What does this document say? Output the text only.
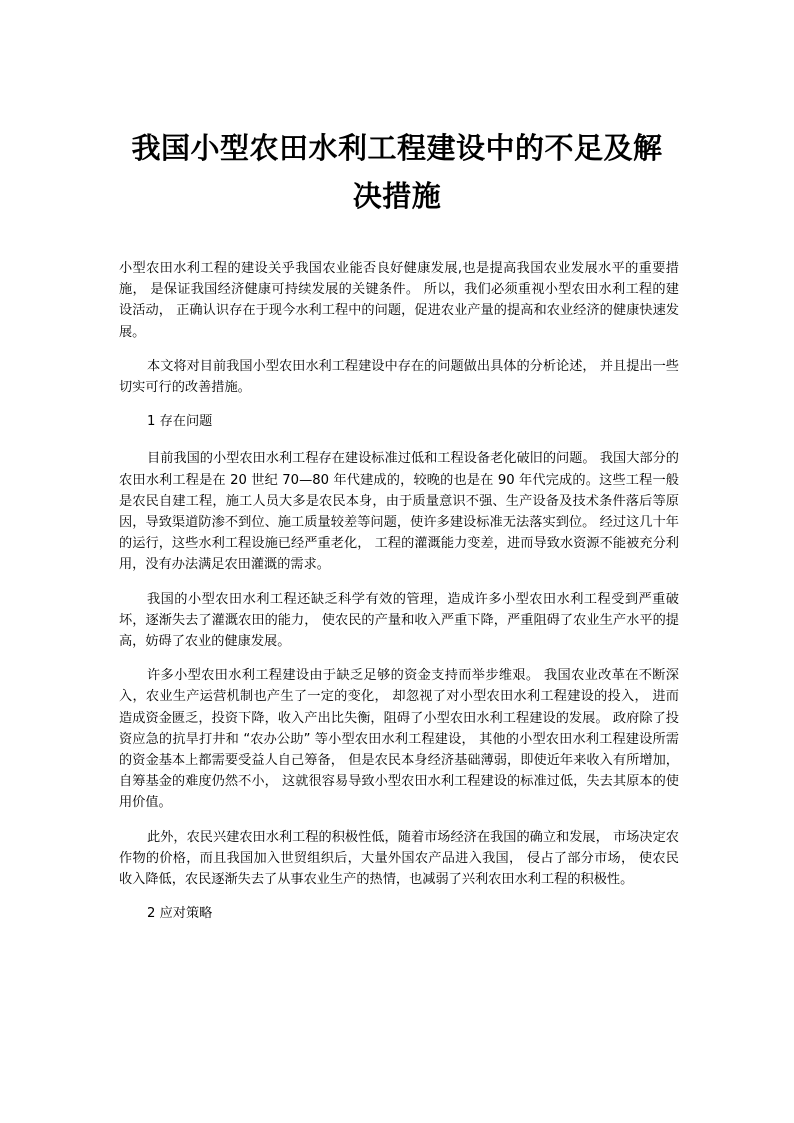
我国小型农田水利工程建设中的不足及解
决措施

小型农田水利工程的建设关乎我国农业能否良好健康发展,也是提高我国农业发展水平的重要措施， 是保证我国经济健康可持续发展的关键条件。 所以，我们必须重视小型农田水利工程的建设活动， 正确认识存在于现今水利工程中的问题，促进农业产量的提高和农业经济的健康快速发展。

本文将对目前我国小型农田水利工程建设中存在的问题做出具体的分析论述， 并且提出一些切实可行的改善措施。

1 存在问题

目前我国的小型农田水利工程存在建设标准过低和工程设备老化破旧的问题。 我国大部分的农田水利工程是在 20 世纪 70—80 年代建成的，较晚的也是在 90 年代完成的。这些工程一般是农民自建工程，施工人员大多是农民本身，由于质量意识不强、生产设备及技术条件落后等原因，导致渠道防渗不到位、施工质量较差等问题，使许多建设标准无法落实到位。 经过这几十年的运行，这些水利工程设施已经严重老化， 工程的灌溉能力变差，进而导致水资源不能被充分利用，没有办法满足农田灌溉的需求。

我国的小型农田水利工程还缺乏科学有效的管理，造成许多小型农田水利工程受到严重破坏，逐渐失去了灌溉农田的能力， 使农民的产量和收入严重下降，严重阻碍了农业生产水平的提高，妨碍了农业的健康发展。

许多小型农田水利工程建设由于缺乏足够的资金支持而举步维艰。 我国农业改革在不断深入，农业生产运营机制也产生了一定的变化， 却忽视了对小型农田水利工程建设的投入， 进而造成资金匮乏，投资下降，收入产出比失衡，阻碍了小型农田水利工程建设的发展。 政府除了投资应急的抗旱打井和 “农办公助” 等小型农田水利工程建设， 其他的小型农田水利工程建设所需的资金基本上都需要受益人自己筹备， 但是农民本身经济基础薄弱，即使近年来收入有所增加，自筹基金的难度仍然不小， 这就很容易导致小型农田水利工程建设的标准过低，失去其原本的使用价值。

此外，农民兴建农田水利工程的积极性低，随着市场经济在我国的确立和发展， 市场决定农作物的价格，而且我国加入世贸组织后，大量外国农产品进入我国， 侵占了部分市场， 使农民收入降低，农民逐渐失去了从事农业生产的热情，也减弱了兴利农田水利工程的积极性。

2 应对策略
